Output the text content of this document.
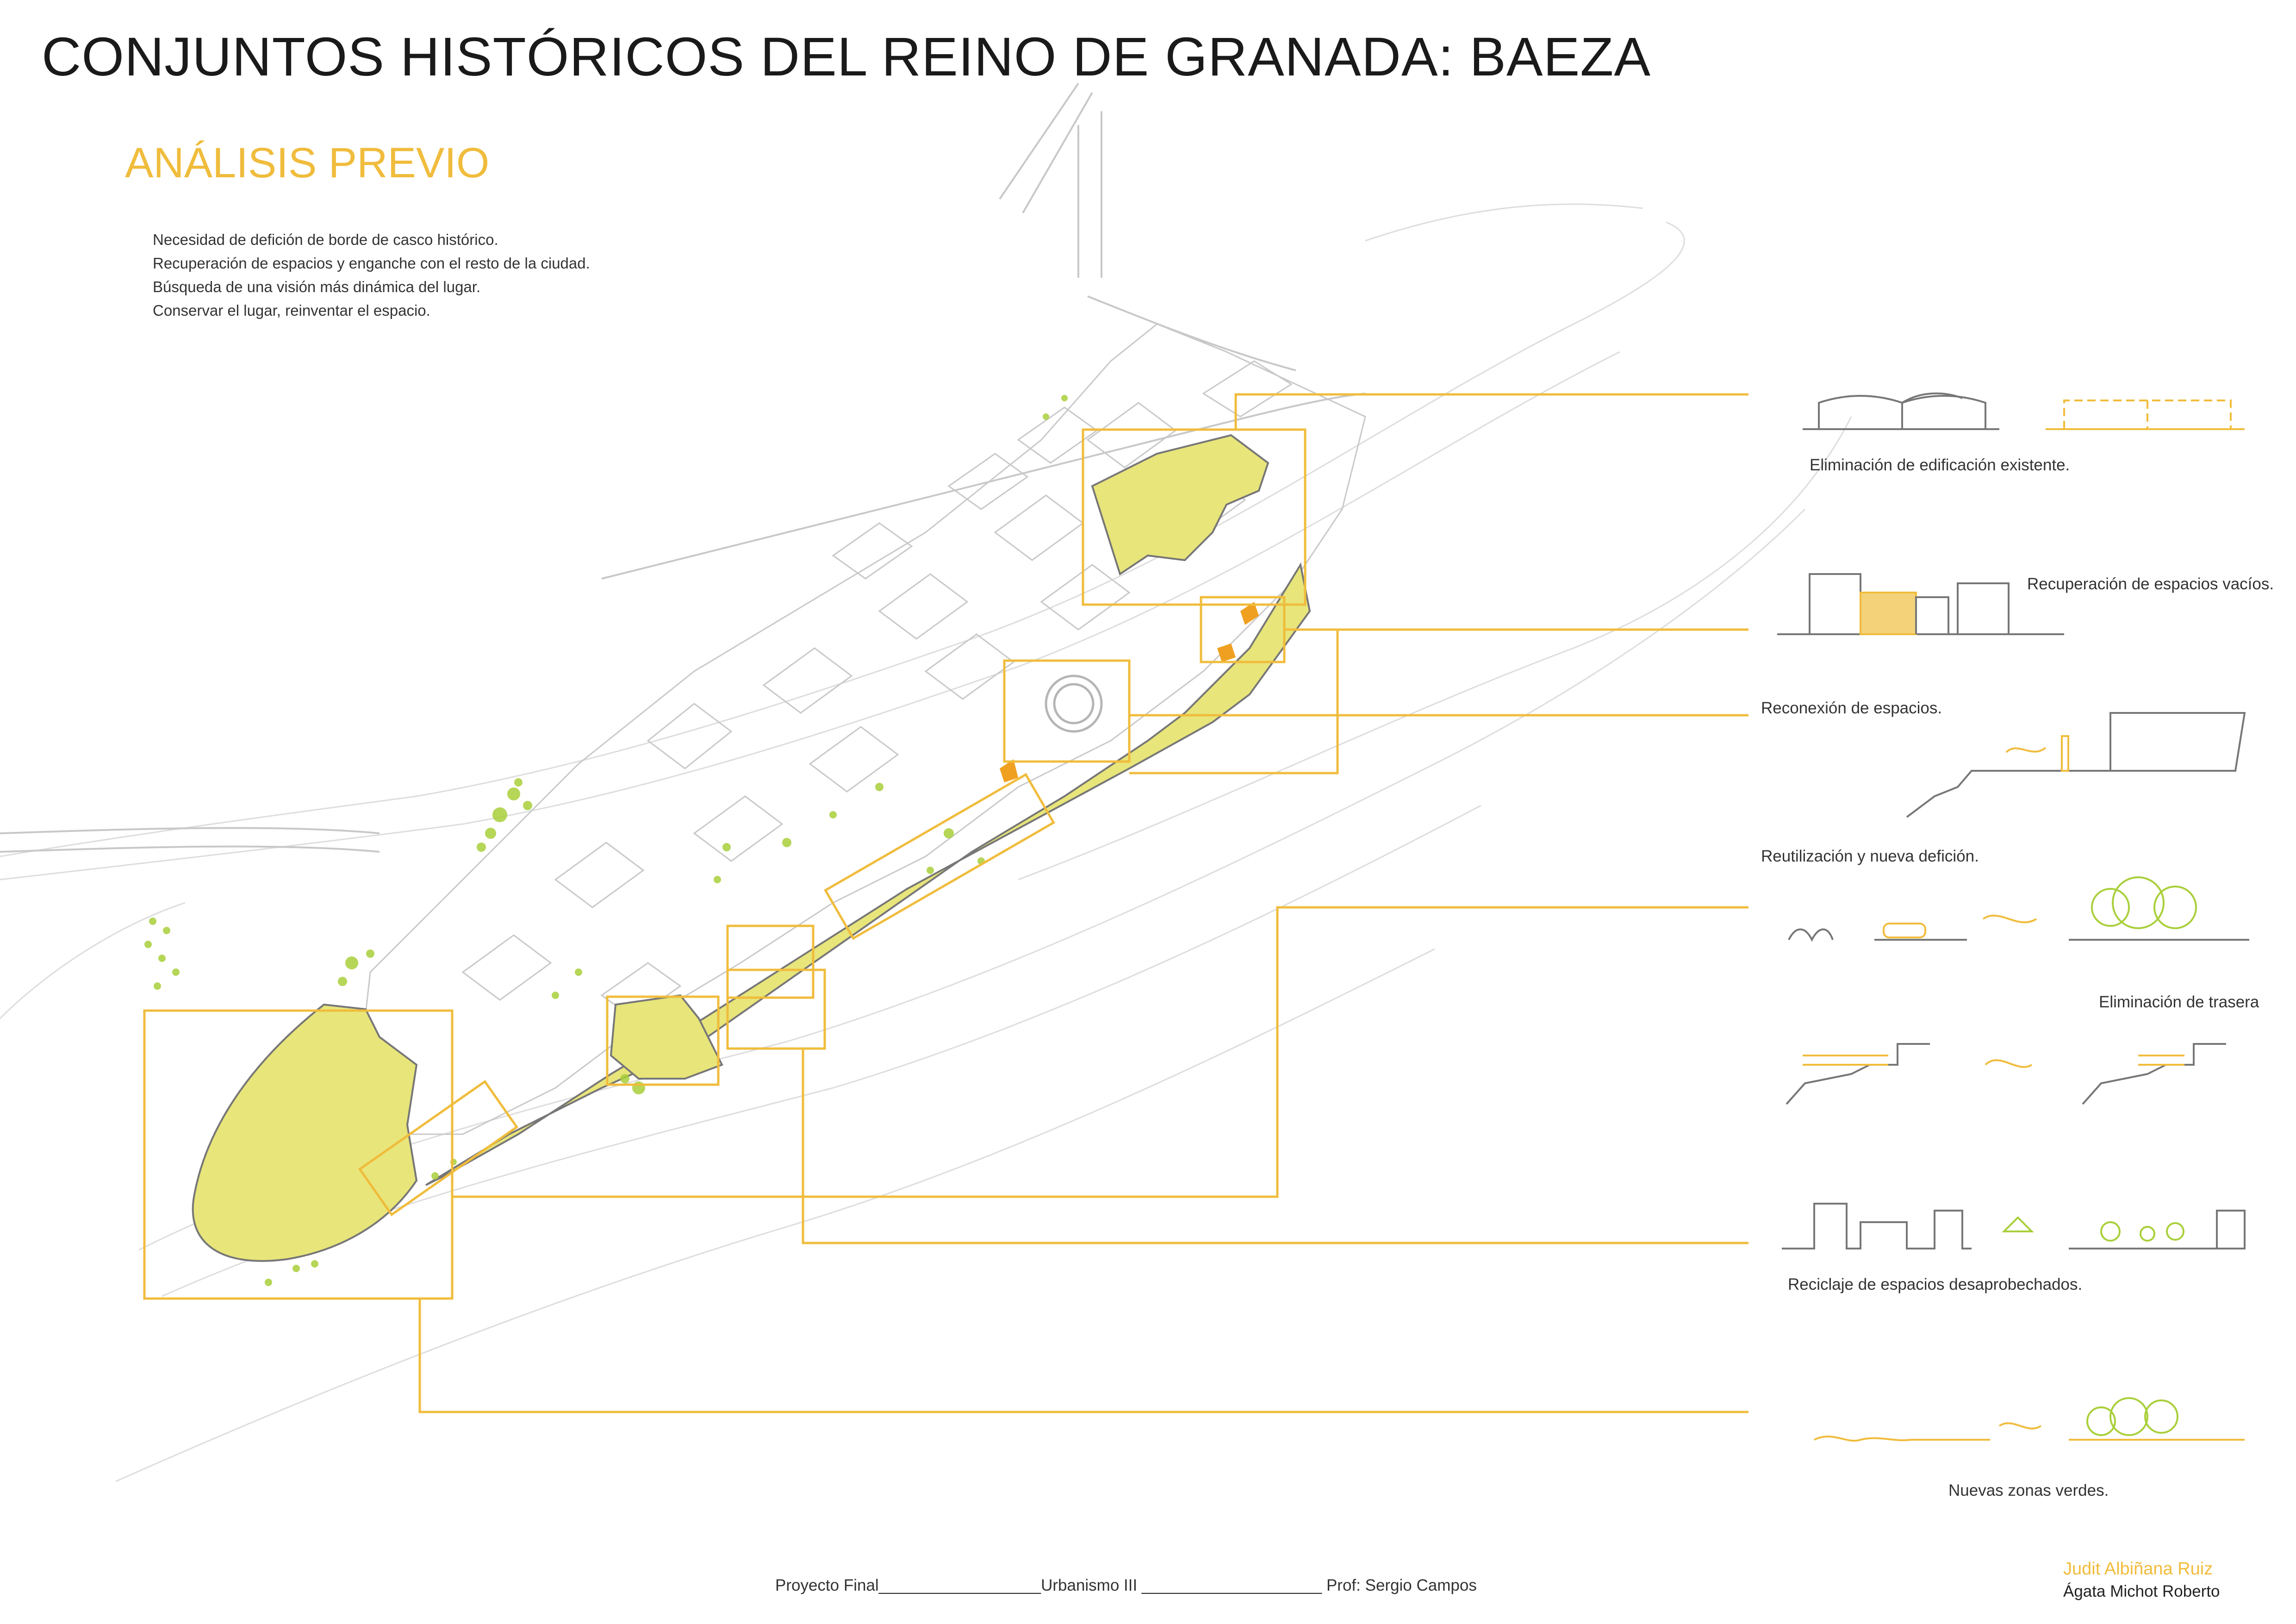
CONJUNTOS HISTÓRICOS DEL REINO DE GRANADA: BAEZA
ANÁLISIS PREVIO
Necesidad de defición de borde de casco histórico.
Recuperación de espacios y enganche con el resto de la ciudad.
Búsqueda de una visión más dinámica del lugar.
Conservar el lugar, reinventar el espacio.
Eliminación de edificación existente.
Recuperación de espacios vacíos.
Reconexión de espacios.
Reutilización y nueva defición.
Eliminación de trasera
Reciclaje de espacios desaprobechados.
Nuevas zonas verdes.
Proyecto Final__________________Urbanismo III ____________________ Prof: Sergio Campos
Judit Albiñana Ruiz
Ágata Michot Roberto
